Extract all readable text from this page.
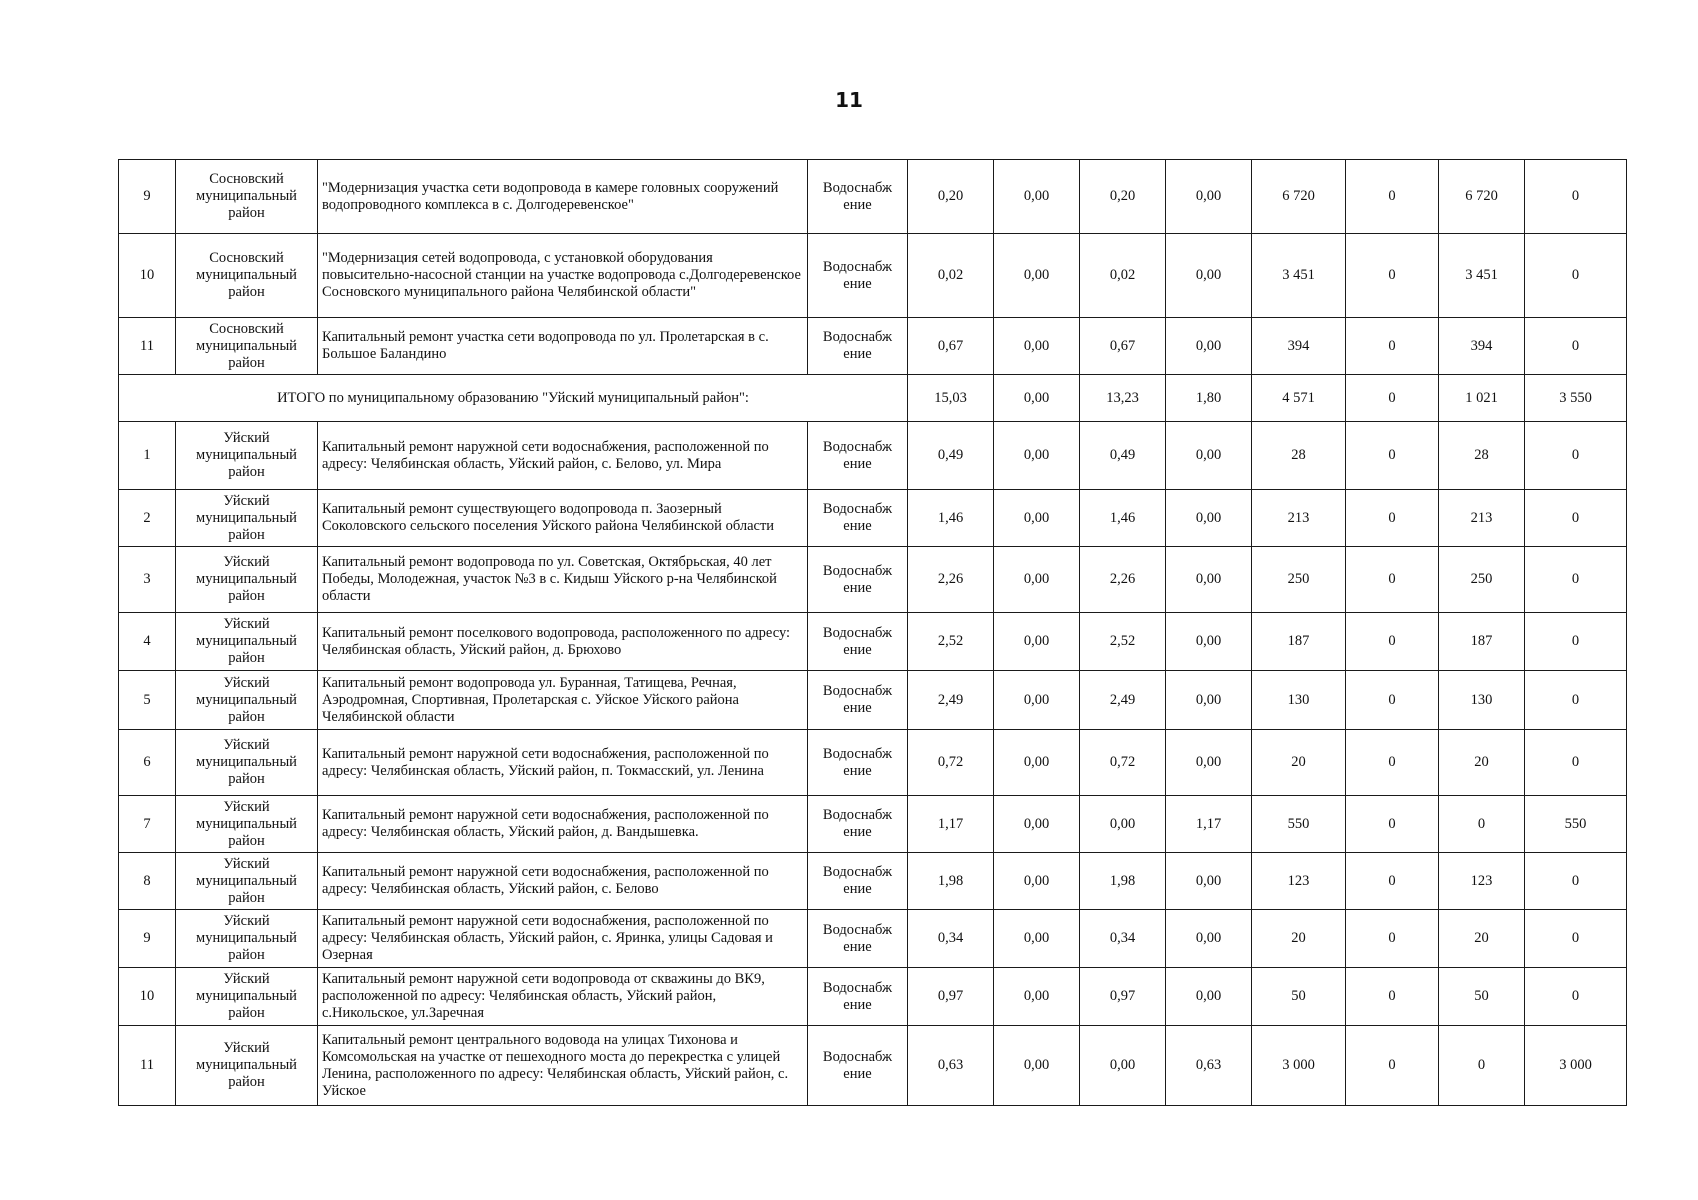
11
9	Сосновский муниципальный район	"Модернизация участка сети водопровода в камере головных сооружений водопроводного комплекса в с. Долгодеревенское"	Водоснабж ение	0,20	0,00	0,20	0,00	6 720	0	6 720	0
10	Сосновский муниципальный район	"Модернизация сетей водопровода, с установкой оборудования повысительно-насосной станции на участке водопровода с.Долгодеревенское Сосновского муниципального района Челябинской области"	Водоснабж ение	0,02	0,00	0,02	0,00	3 451	0	3 451	0
11	Сосновский муниципальный район	Капитальный ремонт участка сети водопровода по ул. Пролетарская в с. Большое Баландино	Водоснабж ение	0,67	0,00	0,67	0,00	394	0	394	0
ИТОГО по муниципальному образованию "Уйский муниципальный район":				15,03	0,00	13,23	1,80	4 571	0	1 021	3 550
1	Уйский муниципальный район	Капитальный ремонт наружной сети водоснабжения, расположенной по адресу: Челябинская область, Уйский район, с. Белово, ул. Мира	Водоснабж ение	0,49	0,00	0,49	0,00	28	0	28	0
2	Уйский муниципальный район	Капитальный ремонт существующего водопровода п. Заозерный Соколовского сельского поселения Уйского района Челябинской области	Водоснабж ение	1,46	0,00	1,46	0,00	213	0	213	0
3	Уйский муниципальный район	Капитальный ремонт водопровода по ул. Советская, Октябрьская, 40 лет Победы, Молодежная, участок №3 в с. Кидыш Уйского р-на Челябинской области	Водоснабж ение	2,26	0,00	2,26	0,00	250	0	250	0
4	Уйский муниципальный район	Капитальный ремонт поселкового водопровода, расположенного по адресу: Челябинская область, Уйский район, д. Брюхово	Водоснабж ение	2,52	0,00	2,52	0,00	187	0	187	0
5	Уйский муниципальный район	Капитальный ремонт водопровода ул. Буранная, Татищева, Речная, Аэродромная, Спортивная, Пролетарская с. Уйское Уйского района Челябинской области	Водоснабж ение	2,49	0,00	2,49	0,00	130	0	130	0
6	Уйский муниципальный район	Капитальный ремонт наружной сети водоснабжения, расположенной по адресу: Челябинская область, Уйский район, п. Токмасский, ул. Ленина	Водоснабж ение	0,72	0,00	0,72	0,00	20	0	20	0
7	Уйский муниципальный район	Капитальный ремонт наружной сети водоснабжения, расположенной по адресу: Челябинская область, Уйский район, д. Вандышевка.	Водоснабж ение	1,17	0,00	0,00	1,17	550	0	0	550
8	Уйский муниципальный район	Капитальный ремонт наружной сети водоснабжения, расположенной по адресу: Челябинская область, Уйский район, с. Белово	Водоснабж ение	1,98	0,00	1,98	0,00	123	0	123	0
9	Уйский муниципальный район	Капитальный ремонт наружной сети водоснабжения, расположенной по адресу: Челябинская область, Уйский район, с. Яринка, улицы Садовая и Озерная	Водоснабж ение	0,34	0,00	0,34	0,00	20	0	20	0
10	Уйский муниципальный район	Капитальный ремонт наружной сети водопровода от скважины до ВК9, расположенной по адресу: Челябинская область, Уйский район, с.Никольское, ул.Заречная	Водоснабж ение	0,97	0,00	0,97	0,00	50	0	50	0
11	Уйский муниципальный район	Капитальный ремонт центрального водовода на улицах Тихонова и Комсомольская на участке от пешеходного моста до перекрестка с улицей Ленина, расположенного по адресу: Челябинская область, Уйский район, с. Уйское	Водоснабж ение	0,63	0,00	0,00	0,63	3 000	0	0	3 000
